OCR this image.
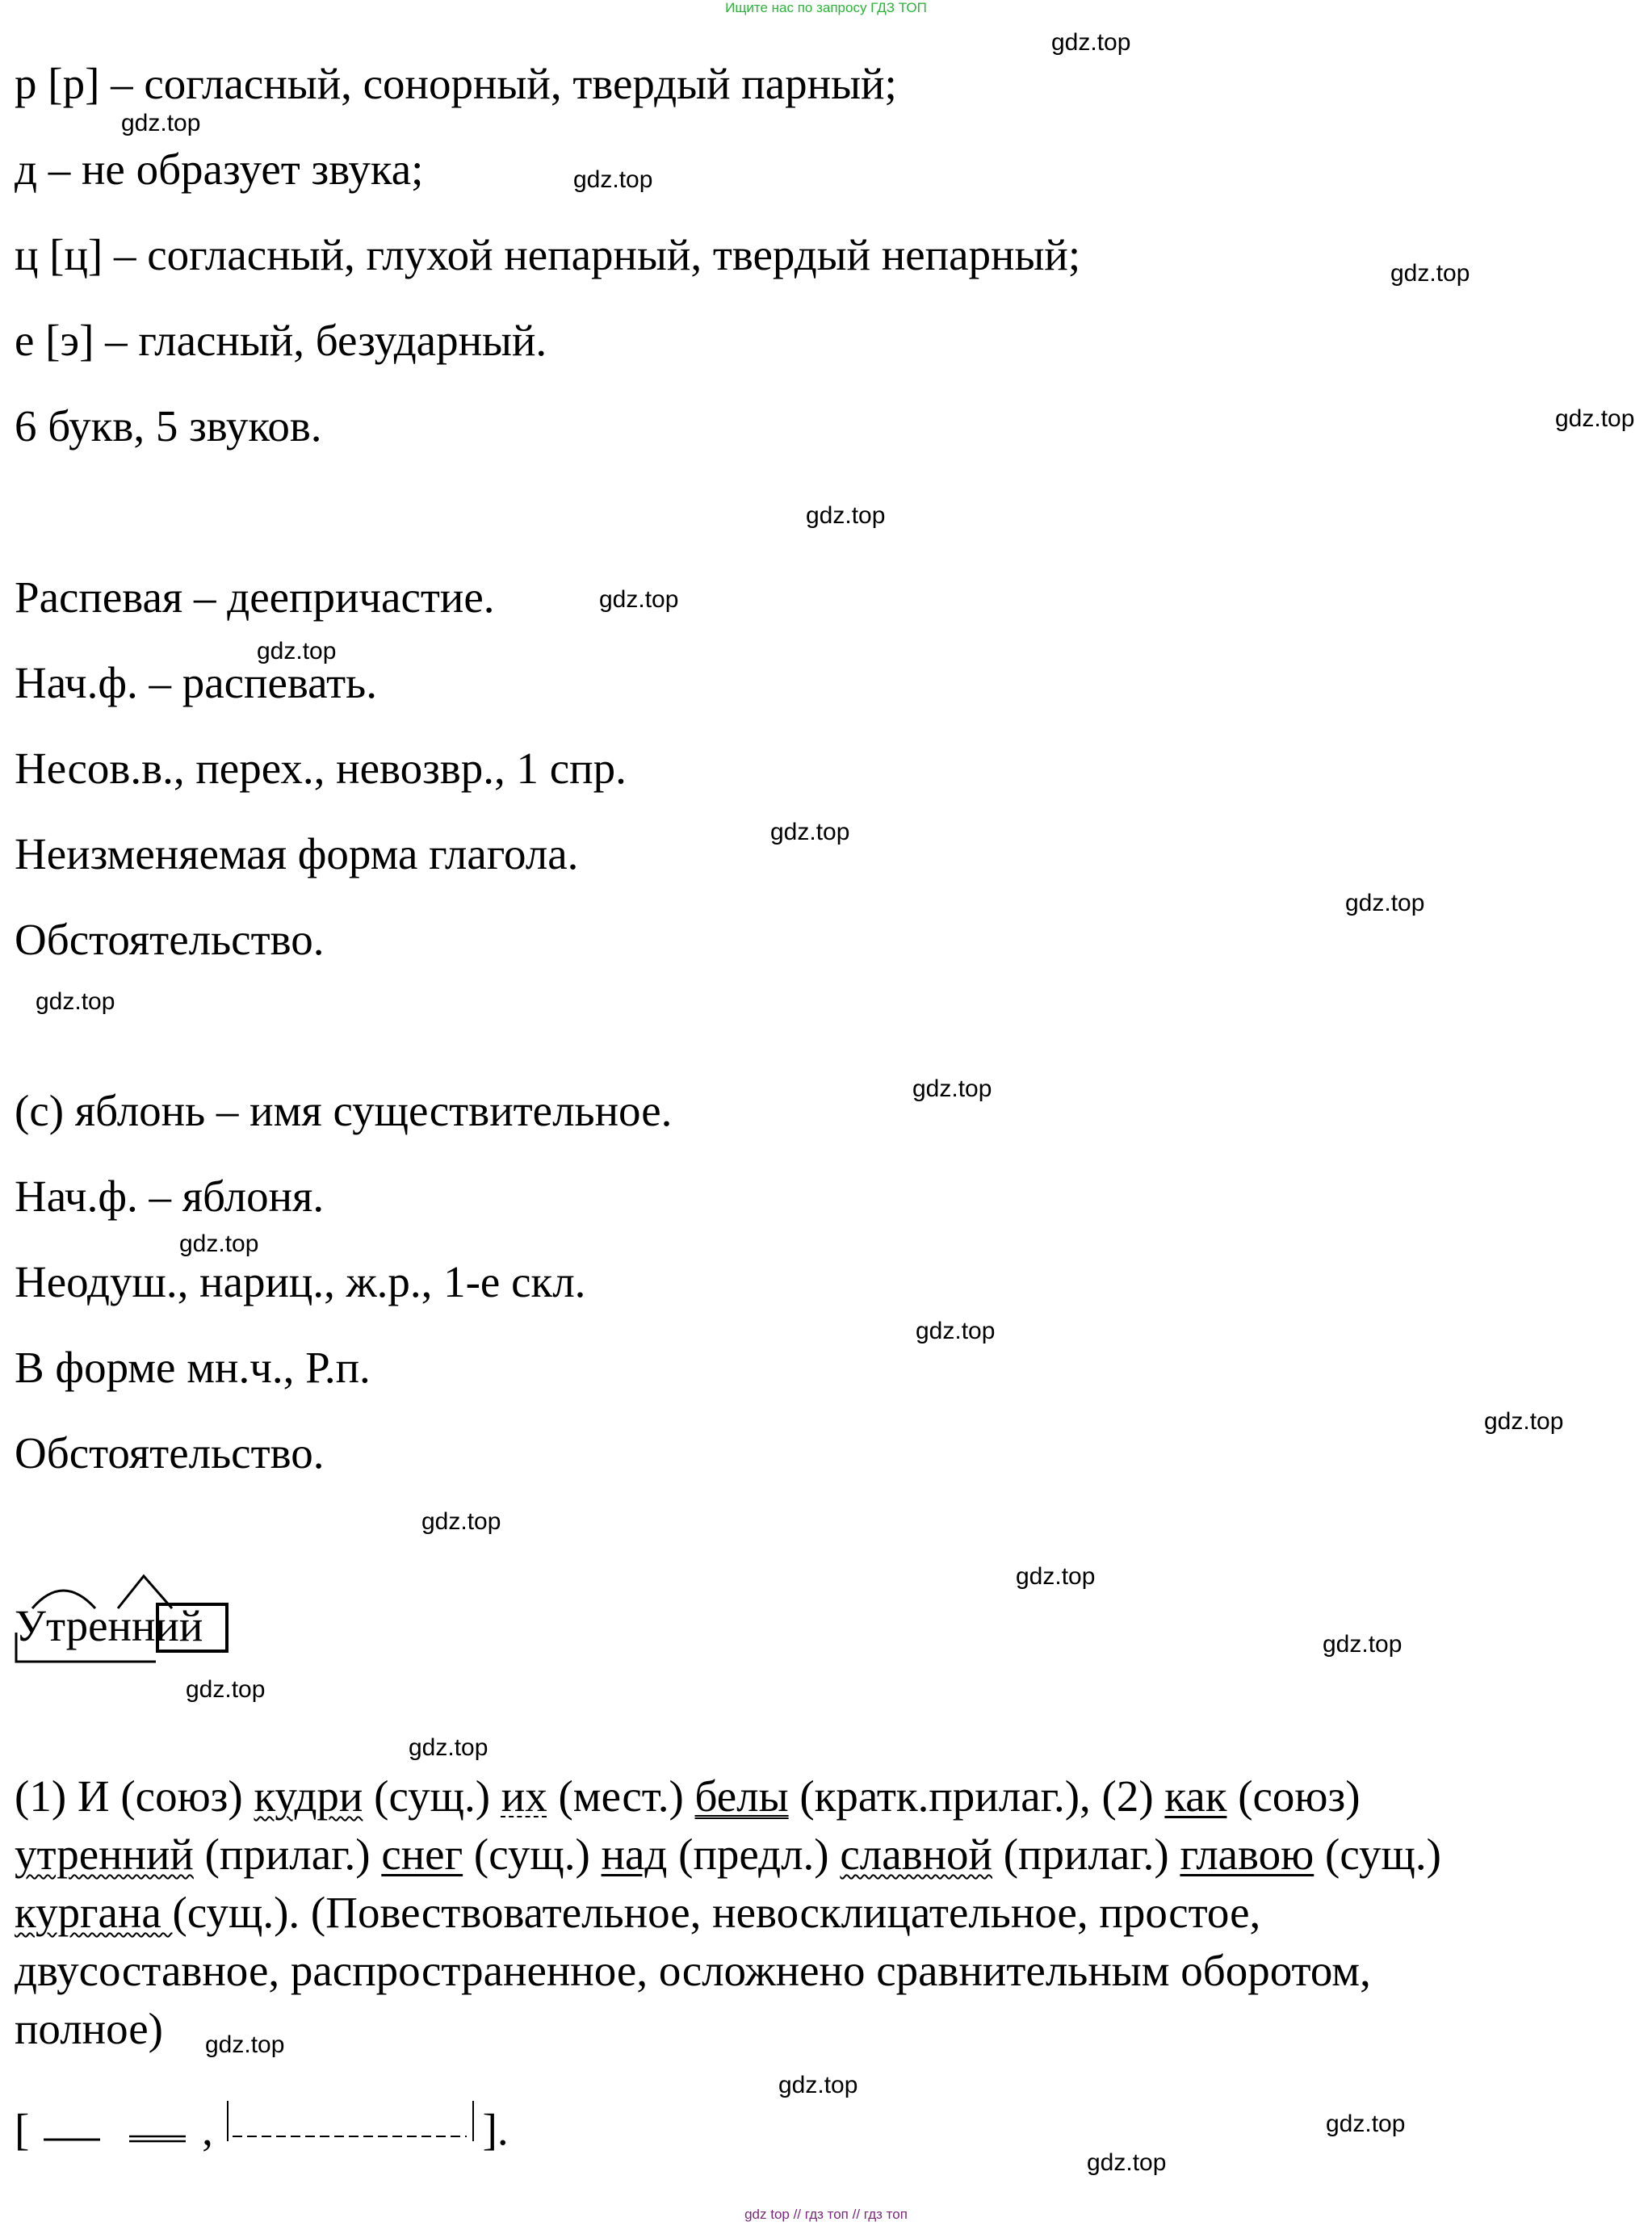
Ищите нас по запросу ГДЗ ТОП
р [р] – согласный, сонорный, твердый парный;
д – не образует звука;
ц [ц] – согласный, глухой непарный, твердый непарный;
е [э] – гласный, безударный.
6 букв, 5 звуков.
Распевая – деепричастие.
Нач.ф. – распевать.
Несов.в., перех., невозвр., 1 спр.
Неизменяемая форма глагола.
Обстоятельство.
(с) яблонь – имя существительное.
Нач.ф. – яблоня.
Неодуш., нариц., ж.р., 1-е скл.
В форме мн.ч., Р.п.
Обстоятельство.
Утренний
(1) И (союз) кудри (сущ.) их (мест.) белы (кратк.прилаг.), (2) как (союз)
утренний (прилаг.) снег (сущ.) над (предл.) славной (прилаг.) главою (сущ.)
кургана (сущ.). (Повествовательное, невосклицательное, простое,
двусоставное, распространенное, осложнено сравнительным оборотом,
полное)
[	,	].
gdz.top
gdz.top
gdz.top
gdz.top
gdz.top
gdz.top
gdz.top
gdz.top
gdz.top
gdz.top
gdz.top
gdz.top
gdz.top
gdz.top
gdz.top
gdz.top
gdz.top
gdz.top
gdz.top
gdz.top
gdz.top
gdz.top
gdz.top
gdz.top
gdz top // гдз топ // гдз топ
